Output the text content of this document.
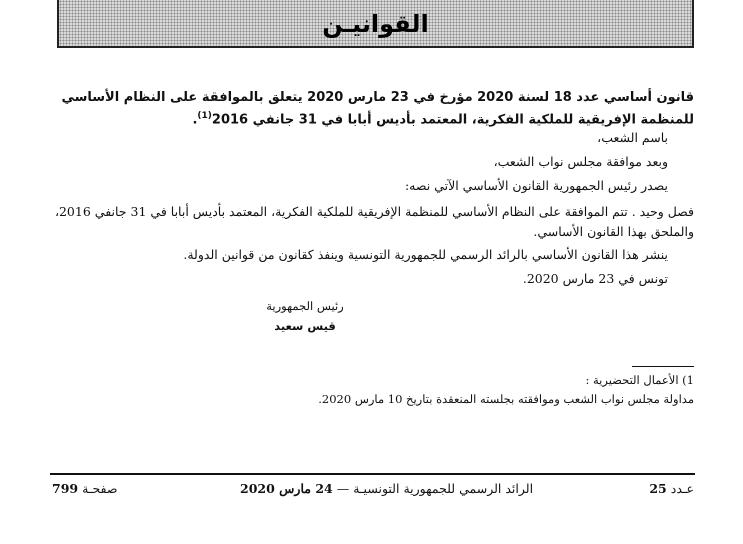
القوانيـن
قانون أساسي عدد 18 لسنة 2020 مؤرخ في 23 مارس 2020 يتعلق بالموافقة على النظام الأساسي للمنظمة الإفريقية للملكية الفكرية، المعتمد بأديس أبابا في 31 جانفي 2016$^{(1)}$.
باسم الشعب،
وبعد موافقة مجلس نواب الشعب،
يصدر رئيس الجمهورية القانون الأساسي الآتي نصه:
فصل وحيد . تتم الموافقة على النظام الأساسي للمنظمة الإفريقية للملكية الفكرية، المعتمد بأديس أبابا في 31 جانفي 2016،
والملحق بهذا القانون الأساسي.
ينشر هذا القانون الأساسي بالرائد الرسمي للجمهورية التونسية وينفذ كقانون من قوانين الدولة.
تونس في 23 مارس 2020.
رئيس الجمهورية
قيس سعيد
1) الأعمال التحضيرية :
مداولة مجلس نواب الشعب وموافقته بجلسته المنعقدة بتاريخ 10 مارس 2020.
عـدد 25
الرائد الرسمي للجمهورية التونسيـة — 24 مارس 2020
صفحـة 799
